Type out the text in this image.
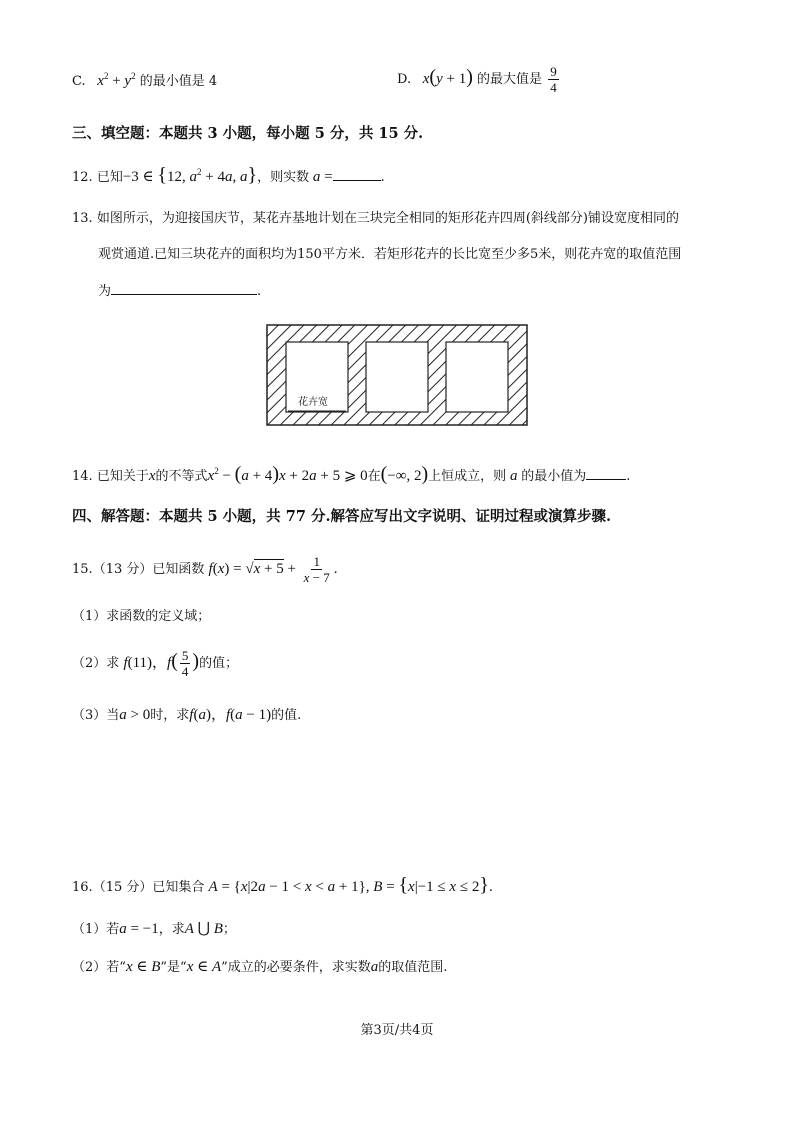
C. $x^2 + y^2$ 的最小值是 4	D. x(y + 1) 的最大值是 $\frac{9}{4}$
三、填空题：本题共 3 小题，每小题 5 分，共 15 分.
12. 已知−3 ∈ {12, $a^2 + 4a$, a}，则实数 a =	.
13. 如图所示，为迎接国庆节，某花卉基地计划在三块完全相同的矩形花卉四周(斜线部分)铺设宽度相同的
观赏通道.已知三块花卉的面积均为150平方米．若矩形花卉的长比宽至少多5米，则花卉宽的取值范围
为	.
花卉宽
14. 已知关于x的不等式$x^2 - (a + 4)x + 2a + 5$ ⩾ 0在(−∞, 2)上恒成立，则 a 的最小值为	.
四、解答题：本题共 5 小题，共 77 分.解答应写出文字说明、证明过程或演算步骤.
15.（13 分）已知函数 $f(x) = √x + 5 + \frac{1}{x - 7}$ .
（1）求函数的定义域；
（2）求 f(11)，$f( \frac{5}{4}$ )的值；
（3）当a > 0时，求f(a)，f(a − 1)的值.
16.（15 分）已知集合 A = {x|2a − 1 < x < a + 1}, B = {x|−1 ≤ x ≤ 2}.
（1）若a = −1，求A ⋃ B；
（2）若“x ∈ B”是“x ∈ A”成立的必要条件，求实数a的取值范围.
第3页/共4页
